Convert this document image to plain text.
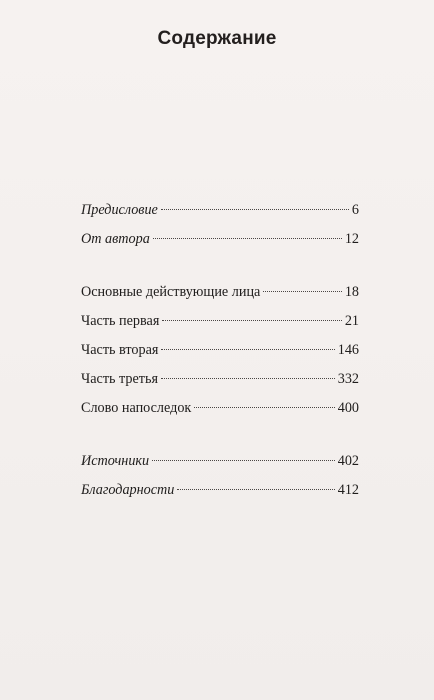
Содержание
Предисловие	6
От автора	12
Основные действующие лица	18
Часть первая	21
Часть вторая	146
Часть третья	332
Слово напоследок	400
Источники	402
Благодарности	412
